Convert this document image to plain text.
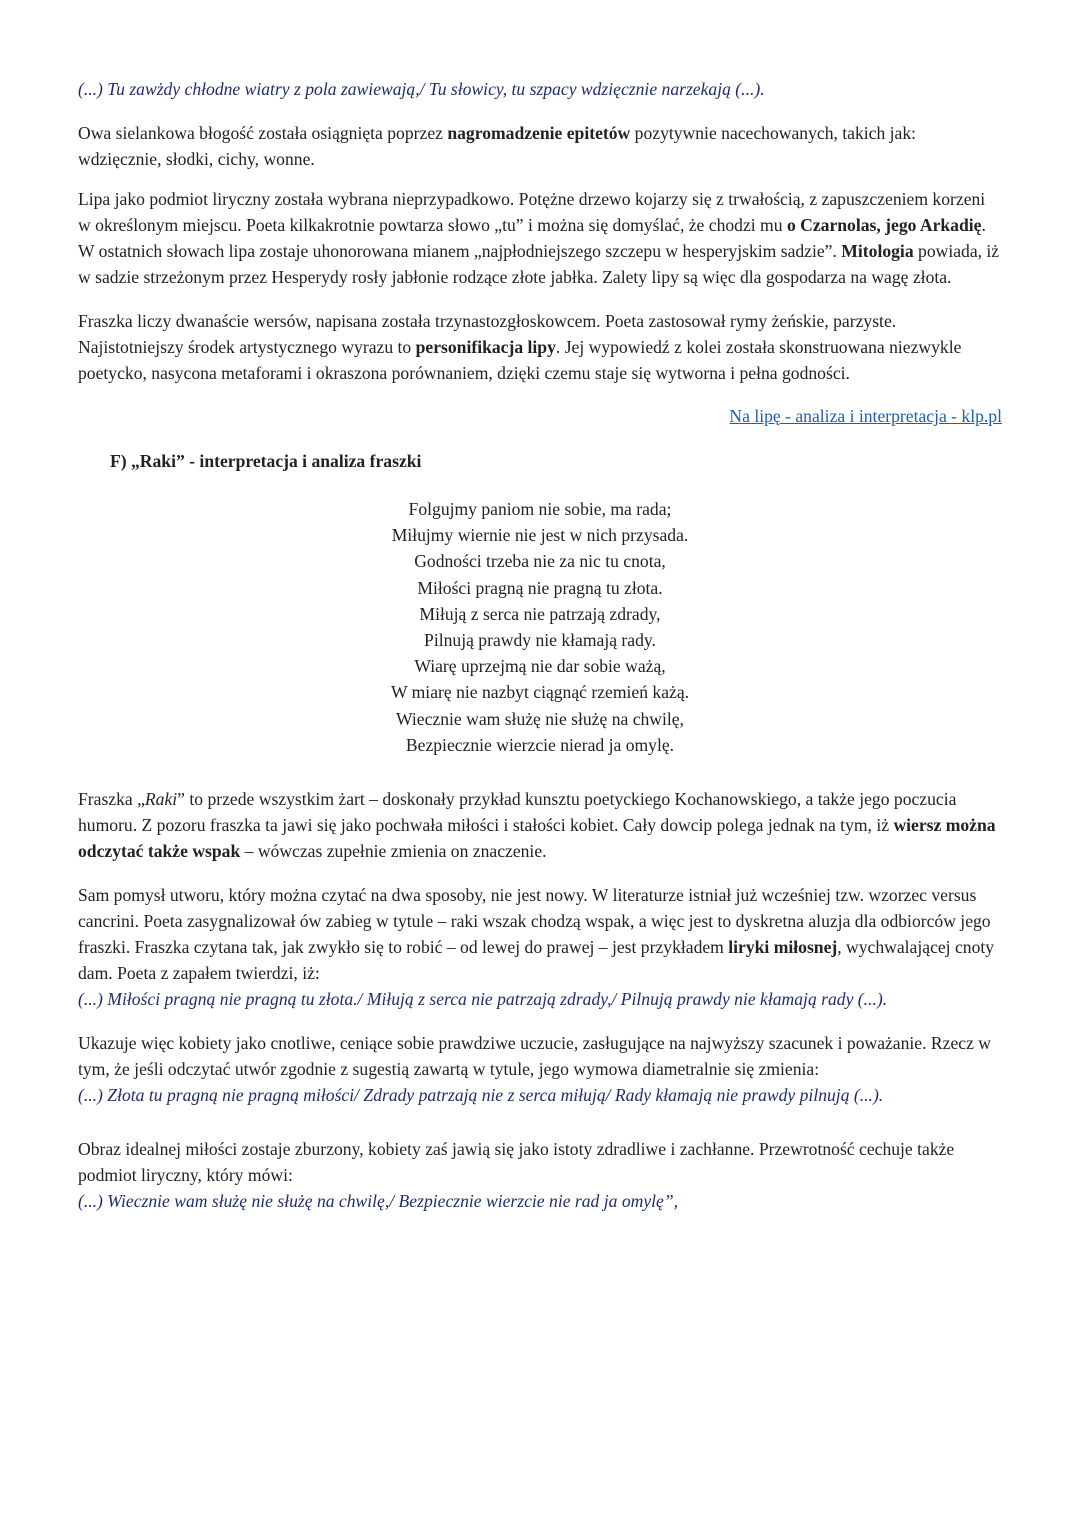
(...) Tu zawżdy chłodne wiatry z pola zawiewają,/ Tu słowicy, tu szpacy wdzięcznie narzekają (...).

Owa sielankowa błogość została osiągnięta poprzez nagromadzenie epitetów pozytywnie nacechowanych, takich jak: wdzięcznie, słodki, cichy, wonne.

Lipa jako podmiot liryczny została wybrana nieprzypadkowo. Potężne drzewo kojarzy się z trwałością, z zapuszczeniem korzeni w określonym miejscu. Poeta kilkakrotnie powtarza słowo „tu” i można się domyślać, że chodzi mu o Czarnolas, jego Arkadię. W ostatnich słowach lipa zostaje uhonorowana mianem „najpłodniejszego szczepu w hesperyjskim sadzie”. Mitologia powiada, iż w sadzie strzeżonym przez Hesperydy rosły jabłonie rodzące złote jabłka. Zalety lipy są więc dla gospodarza na wagę złota.

Fraszka liczy dwanaście wersów, napisana została trzynastozgłoskowcem. Poeta zastosował rymy żeńskie, parzyste. Najistotniejszy środek artystycznego wyrazu to personifikacja lipy. Jej wypowiedź z kolei została skonstruowana niezwykle poetycko, nasycona metaforami i okraszona porównaniem, dzięki czemu staje się wytworna i pełna godności.

Na lipę - analiza i interpretacja - klp.pl
F) „Raki” - interpretacja i analiza fraszki
Folgujmy paniom nie sobie, ma rada;
Miłujmy wiernie nie jest w nich przysada.
Godności trzeba nie za nic tu cnota,
Miłości pragną nie pragną tu złota.
Miłują z serca nie patrzają zdrady,
Pilnują prawdy nie kłamają rady.
Wiarę uprzejmą nie dar sobie ważą,
W miarę nie nazbyt ciągnąć rzemień każą.
Wiecznie wam służę nie służę na chwilę,
Bezpiecznie wierzcie nierad ja omylę.

Fraszka „Raki” to przede wszystkim żart – doskonały przykład kunsztu poetyckiego Kochanowskiego, a także jego poczucia humoru. Z pozoru fraszka ta jawi się jako pochwała miłości i stałości kobiet. Cały dowcip polega jednak na tym, iż wiersz można odczytać także wspak – wówczas zupełnie zmienia on znaczenie.

Sam pomysł utworu, który można czytać na dwa sposoby, nie jest nowy. W literaturze istniał już wcześniej tzw. wzorzec versus cancrini. Poeta zasygnalizował ów zabieg w tytule – raki wszak chodzą wspak, a więc jest to dyskretna aluzja dla odbiorców jego fraszki. Fraszka czytana tak, jak zwykło się to robić – od lewej do prawej – jest przykładem liryki miłosnej, wychwalającej cnoty dam. Poeta z zapałem twierdzi, iż:

(...) Miłości pragną nie pragną tu złota./ Miłują z serca nie patrzają zdrady,/ Pilnują prawdy nie kłamają rady (...).

Ukazuje więc kobiety jako cnotliwe, ceniące sobie prawdziwe uczucie, zasługujące na najwyższy szacunek i poważanie. Rzecz w tym, że jeśli odczytać utwór zgodnie z sugestią zawartą w tytule, jego wymowa diametralnie się zmienia:

(...) Złota tu pragną nie pragną miłości/ Zdrady patrzają nie z serca miłują/ Rady kłamają nie prawdy pilnują (...).

Obraz idealnej miłości zostaje zburzony, kobiety zaś jawią się jako istoty zdradliwe i zachłanne. Przewrotność cechuje także podmiot liryczny, który mówi:

(...) Wiecznie wam służę nie służę na chwilę,/ Bezpiecznie wierzcie nie rad ja omylę”,
